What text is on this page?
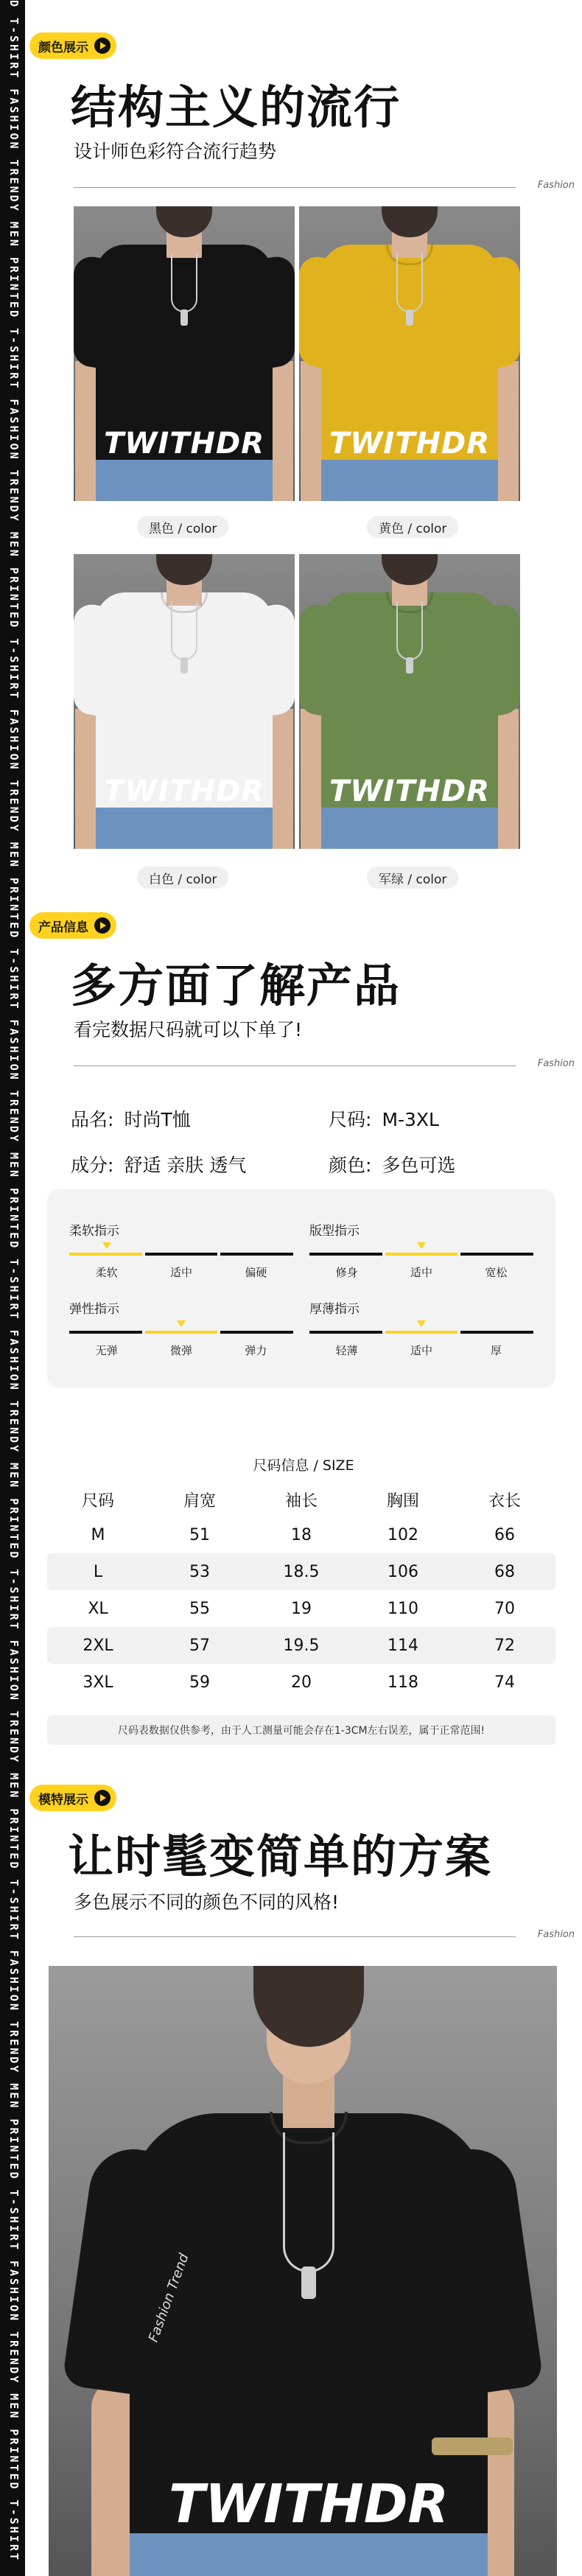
D T-SHIRT FASHION TRENDY MEN PRINTED T-SHIRT FASHION TRENDY MEN PRINTED T-SHIRT FASHION TRENDY MEN PRINTED T-SHIRT FASHION TRENDY MEN PRINTED T-SHIRT FASHION TRENDY MEN PRINTED T-SHIRT FASHION TRENDY MEN PRINTED T-SHIRT FASHION TRENDY MEN PRINTED T-SHIRT FASHION TRENDY MEN PRINTED T-SHIRT 颜色展示
结构主义的流行
设计师色彩符合流行趋势
Fashion
TWITHDR TWITHDR
黑色 / color	黄色 / color
TWITHDR TWITHDR
白色 / color	军绿 / color
产品信息
多方面了解产品
看完数据尺码就可以下单了!
Fashion
品名: 时尚T恤	尺码: M-3XL
成分: 舒适 亲肤 透气	颜色: 多色可选
柔软指示
柔软	适中	偏硬
版型指示
修身	适中	宽松
弹性指示
无弹	微弹	弹力
厚薄指示
轻薄	适中	厚
尺码信息 / SIZE
尺码	肩宽	袖长	胸围	衣长
M	51	18	102	66
L	53	18.5	106	68
XL	55	19	110	70
2XL	57	19.5	114	72
3XL	59	20	118	74
尺码表数据仅供参考，由于人工测量可能会存在1-3CM左右误差，属于正常范围!
模特展示
让时髦变简单的方案
多色展示不同的颜色不同的风格!
Fashion
Fashion Trend
TWITHDR
